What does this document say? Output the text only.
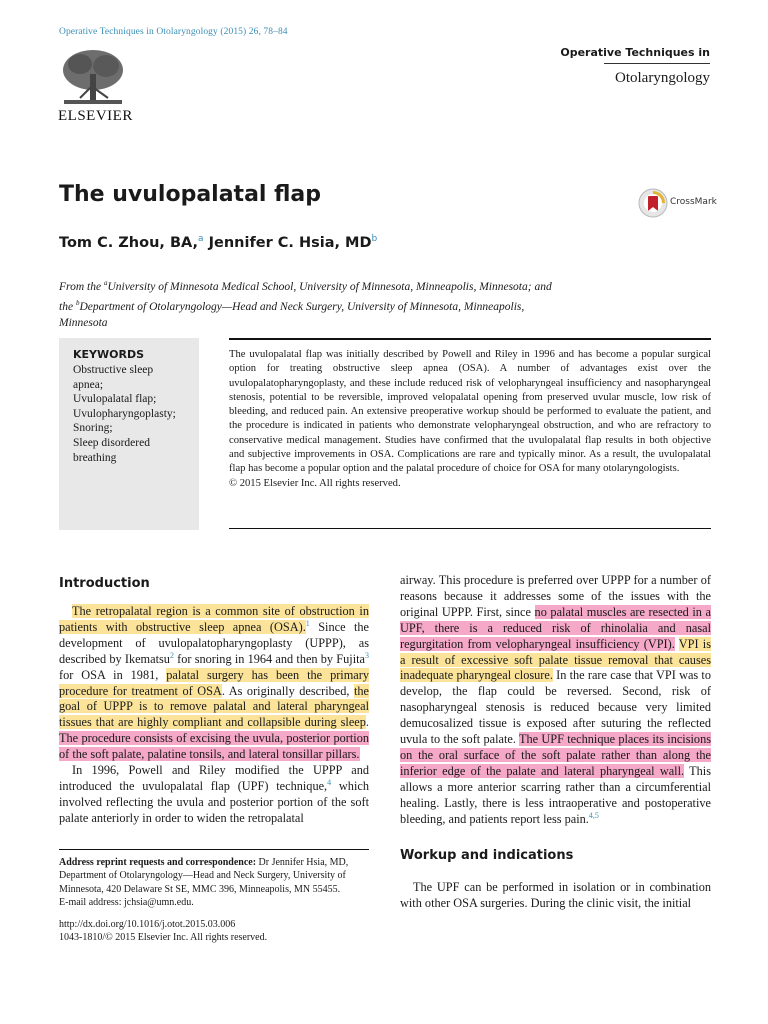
Operative Techniques in Otolaryngology (2015) 26, 78–84
ELSEVIER
Operative Techniques in
Otolaryngology
The uvulopalatal flap	CrossMark
Tom C. Zhou, BA,$^a$ Jennifer C. Hsia, $MD^b$
From the $^a$University of Minnesota Medical School, University of Minnesota, Minneapolis, Minnesota; and
the $^b$Department of Otolaryngology—Head and Neck Surgery, University of Minnesota, Minneapolis,
Minnesota
KEYWORDS
Obstructive sleep
apnea;
Uvulopalatal flap;
Uvulopharyngoplasty;
Snoring;
Sleep disordered
breathing
The uvulopalatal flap was initially described by Powell and Riley in 1996 and has become a popular surgical option for treating obstructive sleep apnea (OSA). A number of advantages exist over the uvulopalatopharyngoplasty, and these include reduced risk of velopharyngeal insufficiency and nasopharyngeal stenosis, potential to be reversible, improved velopalatal opening from preserved uvular muscle, low risk of bleeding, and reduced pain. An extensive preoperative workup should be performed to evaluate the patient, and the procedure is indicated in patients who demonstrate velopharyngeal obstruction, and who are refractory to conservative medical management. Studies have confirmed that the uvulopalatal flap results in both objective and subjective improvements in OSA. Complications are rare and typically minor. As a result, the uvulopalatal flap has become a popular option and the palatal procedure of choice for OSA for many otolaryngologists.
© 2015 Elsevier Inc. All rights reserved.
Introduction
The retropalatal region is a common site of obstruction in patients with obstructive sleep apnea (OSA).$^1$ Since the development of uvulopalatopharyngoplasty (UPPP), as described by Ikematsu$^2$ for snoring in 1964 and then by Fujita$^3$ for OSA in 1981, palatal surgery has been the primary procedure for treatment of OSA. As originally described, the goal of UPPP is to remove palatal and lateral pharyngeal tissues that are highly compliant and collapsible during sleep. The procedure consists of excising the uvula, posterior portion of the soft palate, palatine tonsils, and lateral tonsillar pillars.
In 1996, Powell and Riley modified the UPPP and introduced the uvulopalatal flap (UPF) technique,$^4$ which involved reflecting the uvula and posterior portion of the soft palate anteriorly in order to widen the retropalatal

Address reprint requests and correspondence: Dr Jennifer Hsia, MD, Department of Otolaryngology—Head and Neck Surgery, University of Minnesota, 420 Delaware St SE, MMC 396, Minneapolis, MN 55455.

E-mail address: jchsia@umn.edu.

http://dx.doi.org/10.1016/j.otot.2015.03.006
1043-1810/© 2015 Elsevier Inc. All rights reserved.
airway. This procedure is preferred over UPPP for a number of reasons because it addresses some of the issues with the original UPPP. First, since no palatal muscles are resected in a UPF, there is a reduced risk of rhinolalia and nasal regurgitation from velopharyngeal insufficiency (VPI). VPI is a result of excessive soft palate tissue removal that causes inadequate pharyngeal closure. In the rare case that VPI was to develop, the flap could be reversed. Second, risk of nasopharyngeal stenosis is reduced because very limited demucosalized tissue is exposed after suturing the reflected uvula to the soft palate. The UPF technique places its incisions on the oral surface of the soft palate rather than along the inferior edge of the palate and lateral pharyngeal wall. This allows a more anterior scarring rather than a circumferential healing. Lastly, there is less intraoperative and postoperative bleeding, and patients report less pain.$^{4,5}$
Workup and indications
The UPF can be performed in isolation or in combination with other OSA surgeries. During the clinic visit, the initial
